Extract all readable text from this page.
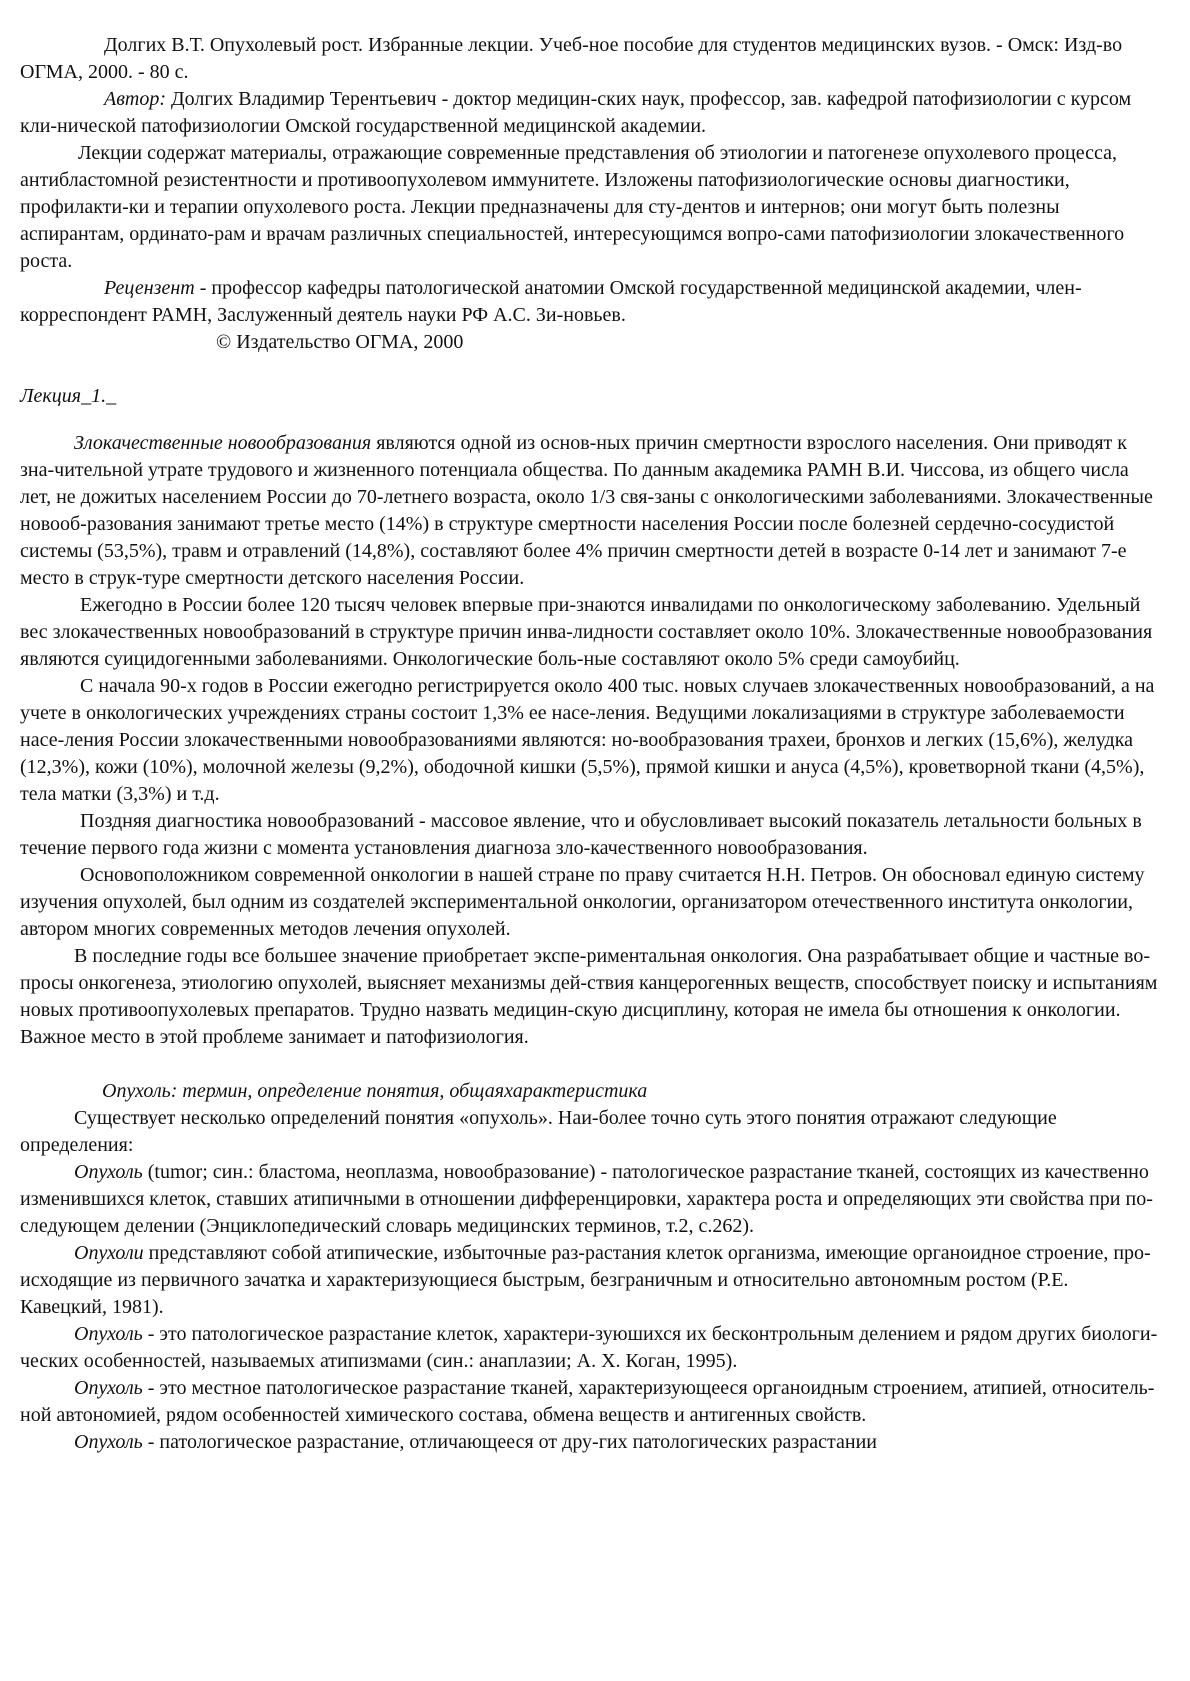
Долгих В.Т. Опухолевый рост. Избранные лекции. Учеб-ное пособие для студентов медицинских вузов. - Омск: Изд-во ОГМА, 2000. - 80 с.

Автор: Долгих Владимир Терентьевич - доктор медицин-ских наук, профессор, зав. кафедрой патофизиологии с курсом кли-нической патофизиологии Омской государственной медицинской академии.

Лекции содержат материалы, отражающие современные представления об этиологии и патогенезе опухолевого процесса, антибластомной резистентности и противоопухолевом иммунитете. Изложены патофизиологические основы диагностики, профилакти-ки и терапии опухолевого роста. Лекции предназначены для сту-дентов и интернов; они могут быть полезны аспирантам, ординато-рам и врачам различных специальностей, интересующимся вопро-сами патофизиологии злокачественного роста.

Рецензент - профессор кафедры патологической анатомии Омской государственной медицинской академии, член-корреспондент РАМН, Заслуженный деятель науки РФ А.С. Зи-новьев.

© Издательство ОГМА, 2000

Лекция_1._

Злокачественные новообразования являются одной из основ-ных причин смертности взрослого населения. Они приводят к зна-чительной утрате трудового и жизненного потенциала общества. По данным академика РАМН В.И. Чиссова, из общего числа лет, не дожитых населением России до 70-летнего возраста, около 1/3 свя-заны с онкологическими заболеваниями. Злокачественные новооб-разования занимают третье место (14%) в структуре смертности населения России после болезней сердечно-сосудистой системы (53,5%), травм и отравлений (14,8%), составляют более 4% причин смертности детей в возрасте 0-14 лет и занимают 7-е место в струк-туре смертности детского населения России.

Ежегодно в России более 120 тысяч человек впервые при-знаются инвалидами по онкологическому заболеванию. Удельный вес злокачественных новообразований в структуре причин инва-лидности составляет около 10%. Злокачественные новообразования являются суицидогенными заболеваниями. Онкологические боль-ные составляют около 5% среди самоубийц.

С начала 90-х годов в России ежегодно регистрируется около 400 тыс. новых случаев злокачественных новообразований, а на учете в онкологических учреждениях страны состоит 1,3% ее насе-ления. Ведущими локализациями в структуре заболеваемости насе-ления России злокачественными новообразованиями являются: но-вообразования трахеи, бронхов и легких (15,6%), желудка (12,3%), кожи (10%), молочной железы (9,2%), ободочной кишки (5,5%), прямой кишки и ануса (4,5%), кроветворной ткани (4,5%), тела матки (3,3%) и т.д.

Поздняя диагностика новообразований - массовое явление, что и обусловливает высокий показатель летальности больных в течение первого года жизни с момента установления диагноза зло-качественного новообразования.

Основоположником современной онкологии в нашей стране по праву считается Н.Н. Петров. Он обосновал единую систему изучения опухолей, был одним из создателей экспериментальной онкологии, организатором отечественного института онкологии, автором многих современных методов лечения опухолей.

В последние годы все большее значение приобретает экспе-риментальная онкология. Она разрабатывает общие и частные во-просы онкогенеза, этиологию опухолей, выясняет механизмы дей-ствия канцерогенных веществ, способствует поиску и испытаниям новых противоопухолевых препаратов. Трудно назвать медицин-скую дисциплину, которая не имела бы отношения к онкологии. Важное место в этой проблеме занимает и патофизиология.

Опухоль: термин, определение понятия, общаяхарактеристика

Существует несколько определений понятия «опухоль». Наи-более точно суть этого понятия отражают следующие определения:

Опухоль (tumor; син.: бластома, неоплазма, новообразование) - патологическое разрастание тканей, состоящих из качественно изменившихся клеток, ставших атипичными в отношении дифференцировки, характера роста и определяющих эти свойства при по-следующем делении (Энциклопедический словарь медицинских терминов, т.2, с.262).

Опухоли представляют собой атипические, избыточные раз-растания клеток организма, имеющие органоидное строение, про-исходящие из первичного зачатка и характеризующиеся быстрым, безграничным и относительно автономным ростом (Р.Е. Кавецкий, 1981).

Опухоль - это патологическое разрастание клеток, характери-зуюшихся их бесконтрольным делением и рядом других биологи-ческих особенностей, называемых атипизмами (син.: анаплазии; А. X. Коган, 1995).

Опухоль - это местное патологическое разрастание тканей, характеризующееся органоидным строением, атипией, относитель-ной автономией, рядом особенностей химического состава, обмена веществ и антигенных свойств.

Опухоль - патологическое разрастание, отличающееся от дру-гих патологических разрастании
